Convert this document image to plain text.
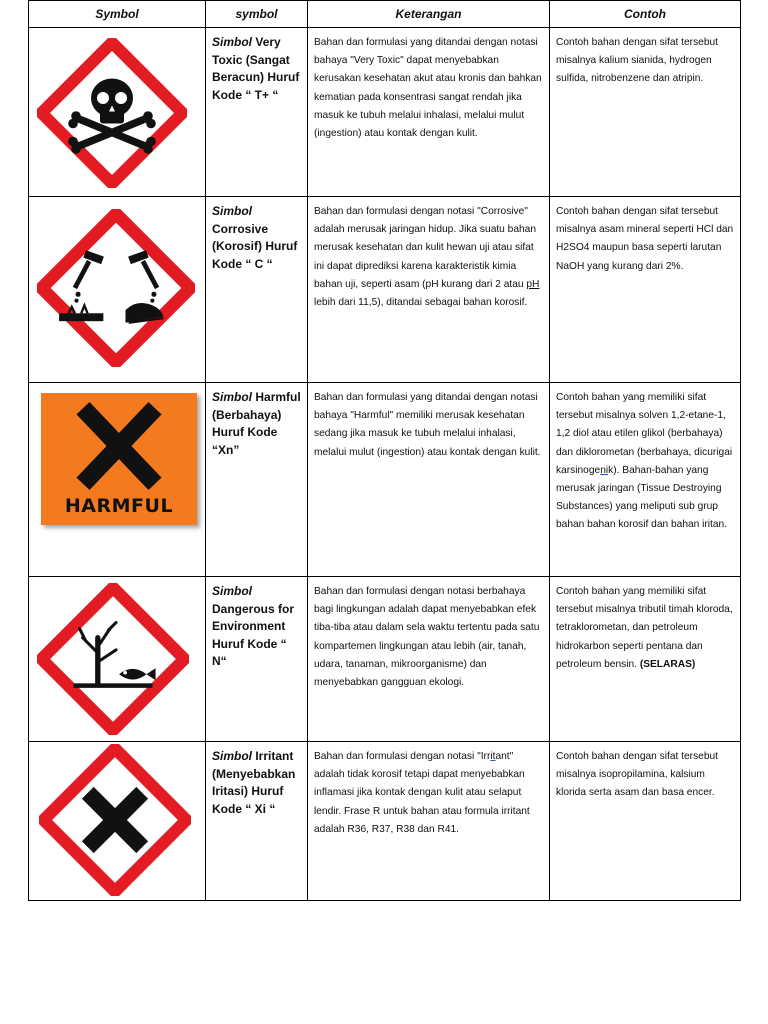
Symbol	symbol	Keterangan	Contoh

	Simbol Very Toxic (Sangat Beracun) Huruf Kode “ T+ “	Bahan dan formulasi yang ditandai dengan notasi bahaya "Very Toxic" dapat menyebabkan kerusakan kesehatan akut atau kronis dan bahkan kematian pada konsentrasi sangat rendah jika masuk ke tubuh melalui inhalasi, melalui mulut (ingestion) atau kontak dengan kulit.	Contoh bahan dengan sifat tersebut misalnya kalium sianida, hydrogen sulfida, nitrobenzene dan atripin.

	Simbol Corrosive (Korosif) Huruf Kode “ C “	Bahan dan formulasi dengan notasi "Corrosive" adalah merusak jaringan hidup. Jika suatu bahan merusak kesehatan dan kulit hewan uji atau sifat ini dapat diprediksi karena karakteristik kimia bahan uji, seperti asam (pH kurang dari 2 atau pH lebih dari 11,5), ditandai sebagai bahan korosif.	Contoh bahan dengan sifat tersebut misalnya asam mineral seperti HCl dan H2SO4 maupun basa seperti larutan NaOH yang kurang dari 2%.

HARMFUL	Simbol Harmful (Berbahaya) Huruf Kode “Xn”	Bahan dan formulasi yang ditandai dengan notasi bahaya "Harmful" memiliki merusak kesehatan sedang jika masuk ke tubuh melalui inhalasi, melalui mulut (ingestion) atau kontak dengan kulit.	Contoh bahan yang memiliki sifat tersebut misalnya solven 1,2-etane-1, 1,2 diol atau etilen glikol (berbahaya) dan diklorometan (berbahaya, dicurigai karsinogenik). Bahan-bahan yang merusak jaringan (Tissue Destroying Substances) yang meliputi sub grup bahan bahan korosif dan bahan iritan.

	Simbol Dangerous for Environment Huruf Kode “ N“	Bahan dan formulasi dengan notasi berbahaya bagi lingkungan adalah dapat menyebabkan efek tiba-tiba atau dalam sela waktu tertentu pada satu kompartemen lingkungan atau lebih (air, tanah, udara, tanaman, mikroorganisme) dan menyebabkan gangguan ekologi.	Contoh bahan yang memiliki sifat tersebut misalnya tributil timah kloroda, tetraklorometan, dan petroleum hidrokarbon seperti pentana dan petroleum bensin. (SELARAS)

	Simbol Irritant (Menyebabkan Iritasi) Huruf Kode “ Xi “	Bahan dan formulasi dengan notasi "Irritant" adalah tidak korosif tetapi dapat menyebabkan inflamasi jika kontak dengan kulit atau selaput lendir. Frase R untuk bahan atau formula irritant adalah R36, R37, R38 dan R41.	Contoh bahan dengan sifat tersebut misalnya isopropilamina, kalsium klorida serta asam dan basa encer.
